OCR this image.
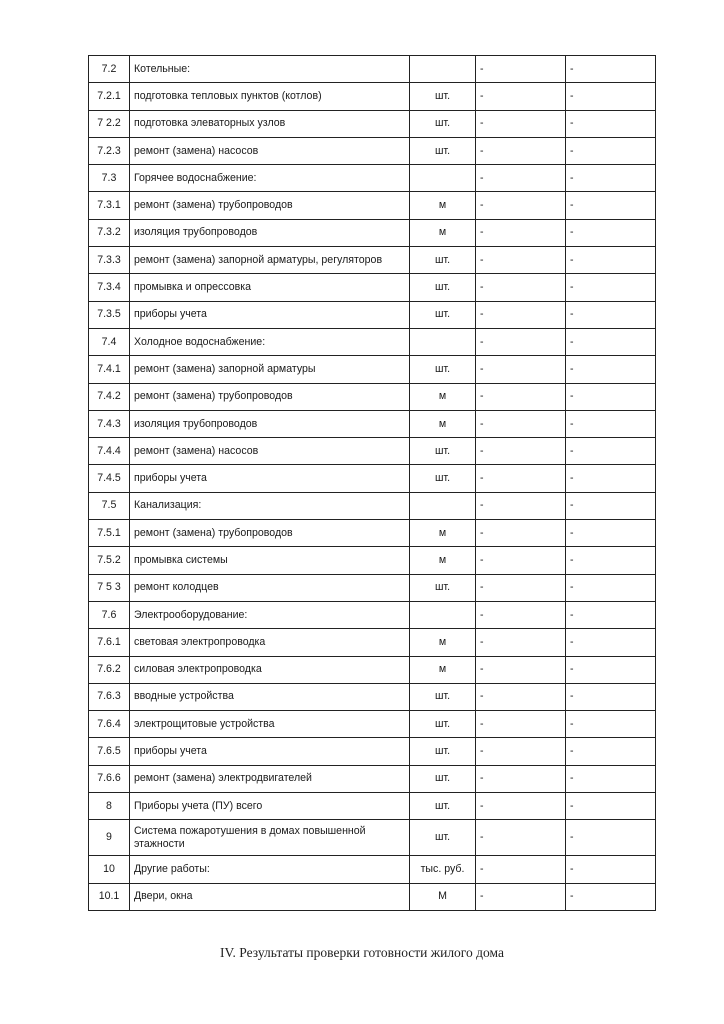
7.2	Котельные:		-	-
7.2.1	подготовка тепловых пунктов (котлов)	шт.	-	-
7 2.2	подготовка элеваторных узлов	шт.	-	-
7.2.3	ремонт (замена) насосов	шт.	-	-
7.3	Горячее водоснабжение:		-	-
7.3.1	ремонт (замена) трубопроводов	м	-	-
7.3.2	изоляция трубопроводов	м	-	-
7.3.3	ремонт (замена) запорной арматуры, регуляторов	шт.	-	-
7.3.4	промывка и опрессовка	шт.	-	-
7.3.5	приборы учета	шт.	-	-
7.4	Холодное водоснабжение:		-	-
7.4.1	ремонт (замена) запорной арматуры	шт.	-	-
7.4.2	ремонт (замена) трубопроводов	м	-	-
7.4.3	изоляция трубопроводов	м	-	-
7.4.4	ремонт (замена) насосов	шт.	-	-
7.4.5	приборы учета	шт.	-	-
7.5	Канализация:		-	-
7.5.1	ремонт (замена) трубопроводов	м	-	-
7.5.2	промывка системы	м	-	-
7 5 3	ремонт колодцев	шт.	-	-
7.6	Электрооборудование:		-	-
7.6.1	световая электропроводка	м	-	-
7.6.2	силовая электропроводка	м	-	-
7.6.3	вводные устройства	шт.	-	-
7.6.4	электрощитовые устройства	шт.	-	-
7.6.5	приборы учета	шт.	-	-
7.6.6	ремонт (замена) электродвигателей	шт.	-	-
8	Приборы учета (ПУ) всего	шт.	-	-
9	Система пожаротушения в домах повышенной этажности	шт.	-	-
10	Другие работы:	тыс. руб.	-	-
10.1	Двери, окна	М	-	-
IV. Результаты проверки готовности жилого дома
